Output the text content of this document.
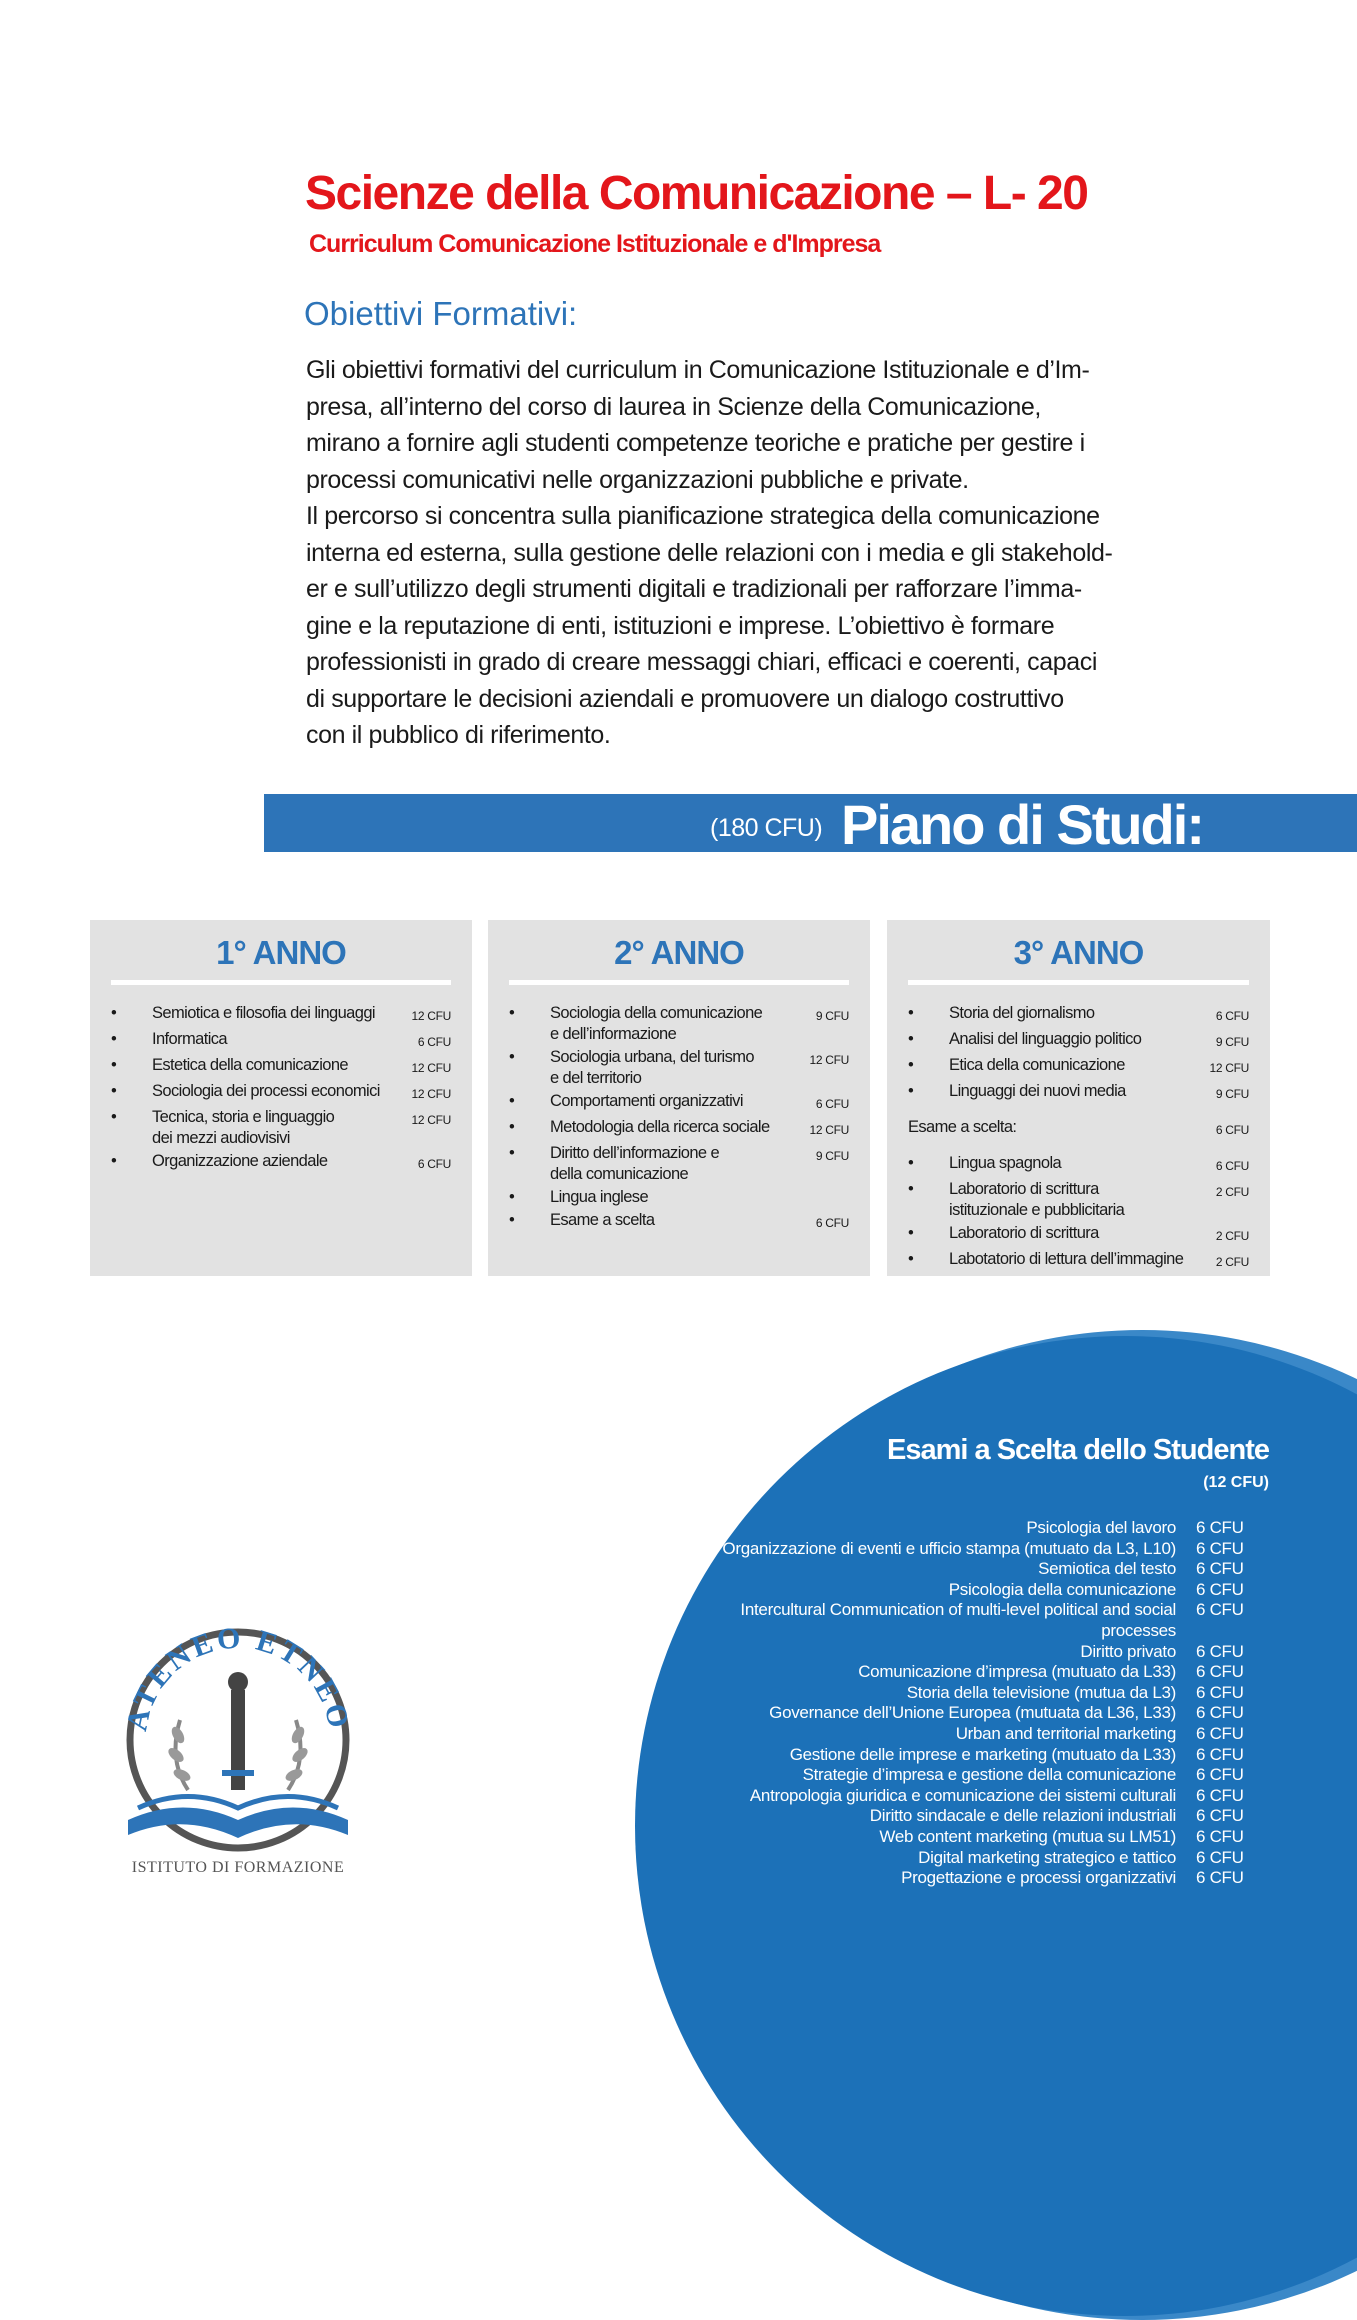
Scienze della Comunicazione – L- 20
Curriculum Comunicazione Istituzionale e d'Impresa
Obiettivi Formativi:

Gli obiettivi formativi del curriculum in Comunicazione Istituzionale e d’Im-

presa, all’interno del corso di laurea in Scienze della Comunicazione,

mirano a fornire agli studenti competenze teoriche e pratiche per gestire i

processi comunicativi nelle organizzazioni pubbliche e private.

Il percorso si concentra sulla pianificazione strategica della comunicazione

interna ed esterna, sulla gestione delle relazioni con i media e gli stakehold-

er e sull’utilizzo degli strumenti digitali e tradizionali per rafforzare l’imma-

gine e la reputazione di enti, istituzioni e imprese. L’obiettivo è formare

professionisti in grado di creare messaggi chiari, efficaci e coerenti, capaci

di supportare le decisioni aziendali e promuovere un dialogo costruttivo

con il pubblico di riferimento.

(180 CFU) Piano di Studi:
1° ANNO
•	Semiotica e filosofia dei linguaggi	12 CFU
•	Informatica	6 CFU
•	Estetica della comunicazione	12 CFU
•	Sociologia dei processi economici	12 CFU
•	Tecnica, storia e linguaggio
dei mezzi audiovisivi
12 CFU
•	Organizzazione aziendale	6 CFU
2° ANNO
•	Sociologia della comunicazione
e dell’informazione
9 CFU
•	Sociologia urbana, del turismo
e del territorio
12 CFU
•	Comportamenti organizzativi	6 CFU
•	Metodologia della ricerca sociale	12 CFU
•	Diritto dell’informazione e
della comunicazione
9 CFU
•	Lingua inglese
•	Esame a scelta	6 CFU
3° ANNO
•	Storia del giornalismo	6 CFU
•	Analisi del linguaggio politico	9 CFU
•	Etica della comunicazione	12 CFU
•	Linguaggi dei nuovi media	9 CFU
Esame a scelta:	6 CFU
•	Lingua spagnola	6 CFU
•	Laboratorio di scrittura
istituzionale e pubblicitaria
2 CFU
•	Laboratorio di scrittura	2 CFU
•	Labotatorio di lettura dell’immagine	2 CFU
Esami a Scelta dello Studente
(12 CFU)
Psicologia del lavoro	6 CFU
Organizzazione di eventi e ufficio stampa (mutuato da L3, L10)	6 CFU
Semiotica del testo	6 CFU
Psicologia della comunicazione	6 CFU
Intercultural Communication of multi-level political and social
processes
6 CFU
Diritto privato	6 CFU
Comunicazione d’impresa (mutuato da L33)	6 CFU
Storia della televisione (mutua da L3)	6 CFU
Governance dell’Unione Europea (mutuata da L36, L33)	6 CFU
Urban and territorial marketing	6 CFU
Gestione delle imprese e marketing (mutuato da L33)	6 CFU
Strategie d’impresa e gestione della comunicazione	6 CFU
Antropologia giuridica e comunicazione dei sistemi culturali	6 CFU
Diritto sindacale e delle relazioni industriali	6 CFU
Web content marketing (mutua su LM51)	6 CFU
Digital marketing strategico e tattico	6 CFU
Progettazione e processi organizzativi	6 CFU
ATENEO ETNEO
ISTITUTO DI FORMAZIONE
